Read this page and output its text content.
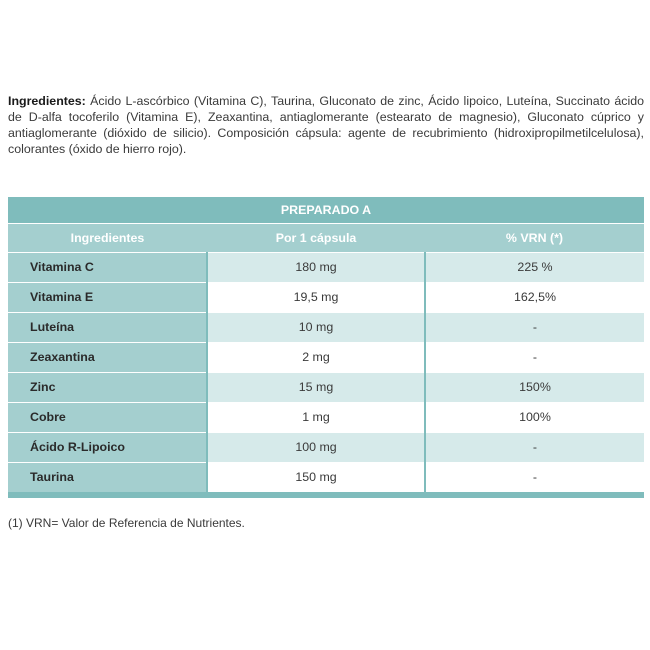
Ingredientes: Ácido L-ascórbico (Vitamina C), Taurina, Gluconato de zinc, Ácido lipoico, Luteína, Succinato ácido de D-alfa tocoferilo (Vitamina E), Zeaxantina, antiaglomerante (estearato de magnesio), Gluconato cúprico y antiaglomerante (dióxido de silicio). Composición cápsula: agente de recubrimiento (hidroxipropilmetilcelulosa), colorantes (óxido de hierro rojo).
PREPARADO A		
Ingredientes	Por 1 cápsula	% VRN (*)
Vitamina C	180 mg	225 %
Vitamina E	19,5 mg	162,5%
Luteína	10 mg	-
Zeaxantina	2 mg	-
Zinc	15 mg	150%
Cobre	1 mg	100%
Ácido R-Lipoico	100 mg	-
Taurina	150 mg	-

(1) VRN= Valor de Referencia de Nutrientes.
